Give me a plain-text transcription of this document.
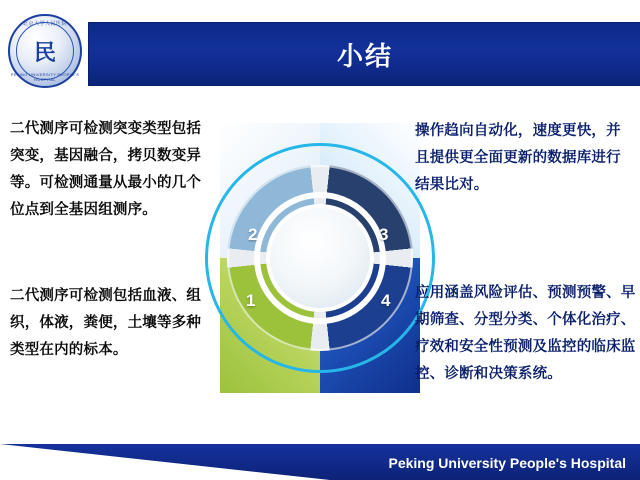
北京大学人民医院
民
PEKING UNIVERSITY PEOPLE'S HOSPITAL
小结
1
2	3
4
二代测序可检测突变类型包括突变，基因融合，拷贝数变异等。可检测通量从最小的几个位点到全基因组测序。
操作趋向自动化，速度更快，并且提供更全面更新的数据库进行结果比对。
二代测序可检测包括血液、组织，体液，粪便，土壤等多种类型在内的标本。
应用涵盖风险评估、预测预警、早期筛查、分型分类、个体化治疗、疗效和安全性预测及监控的临床监控、诊断和决策系统。
Peking University People's Hospital
